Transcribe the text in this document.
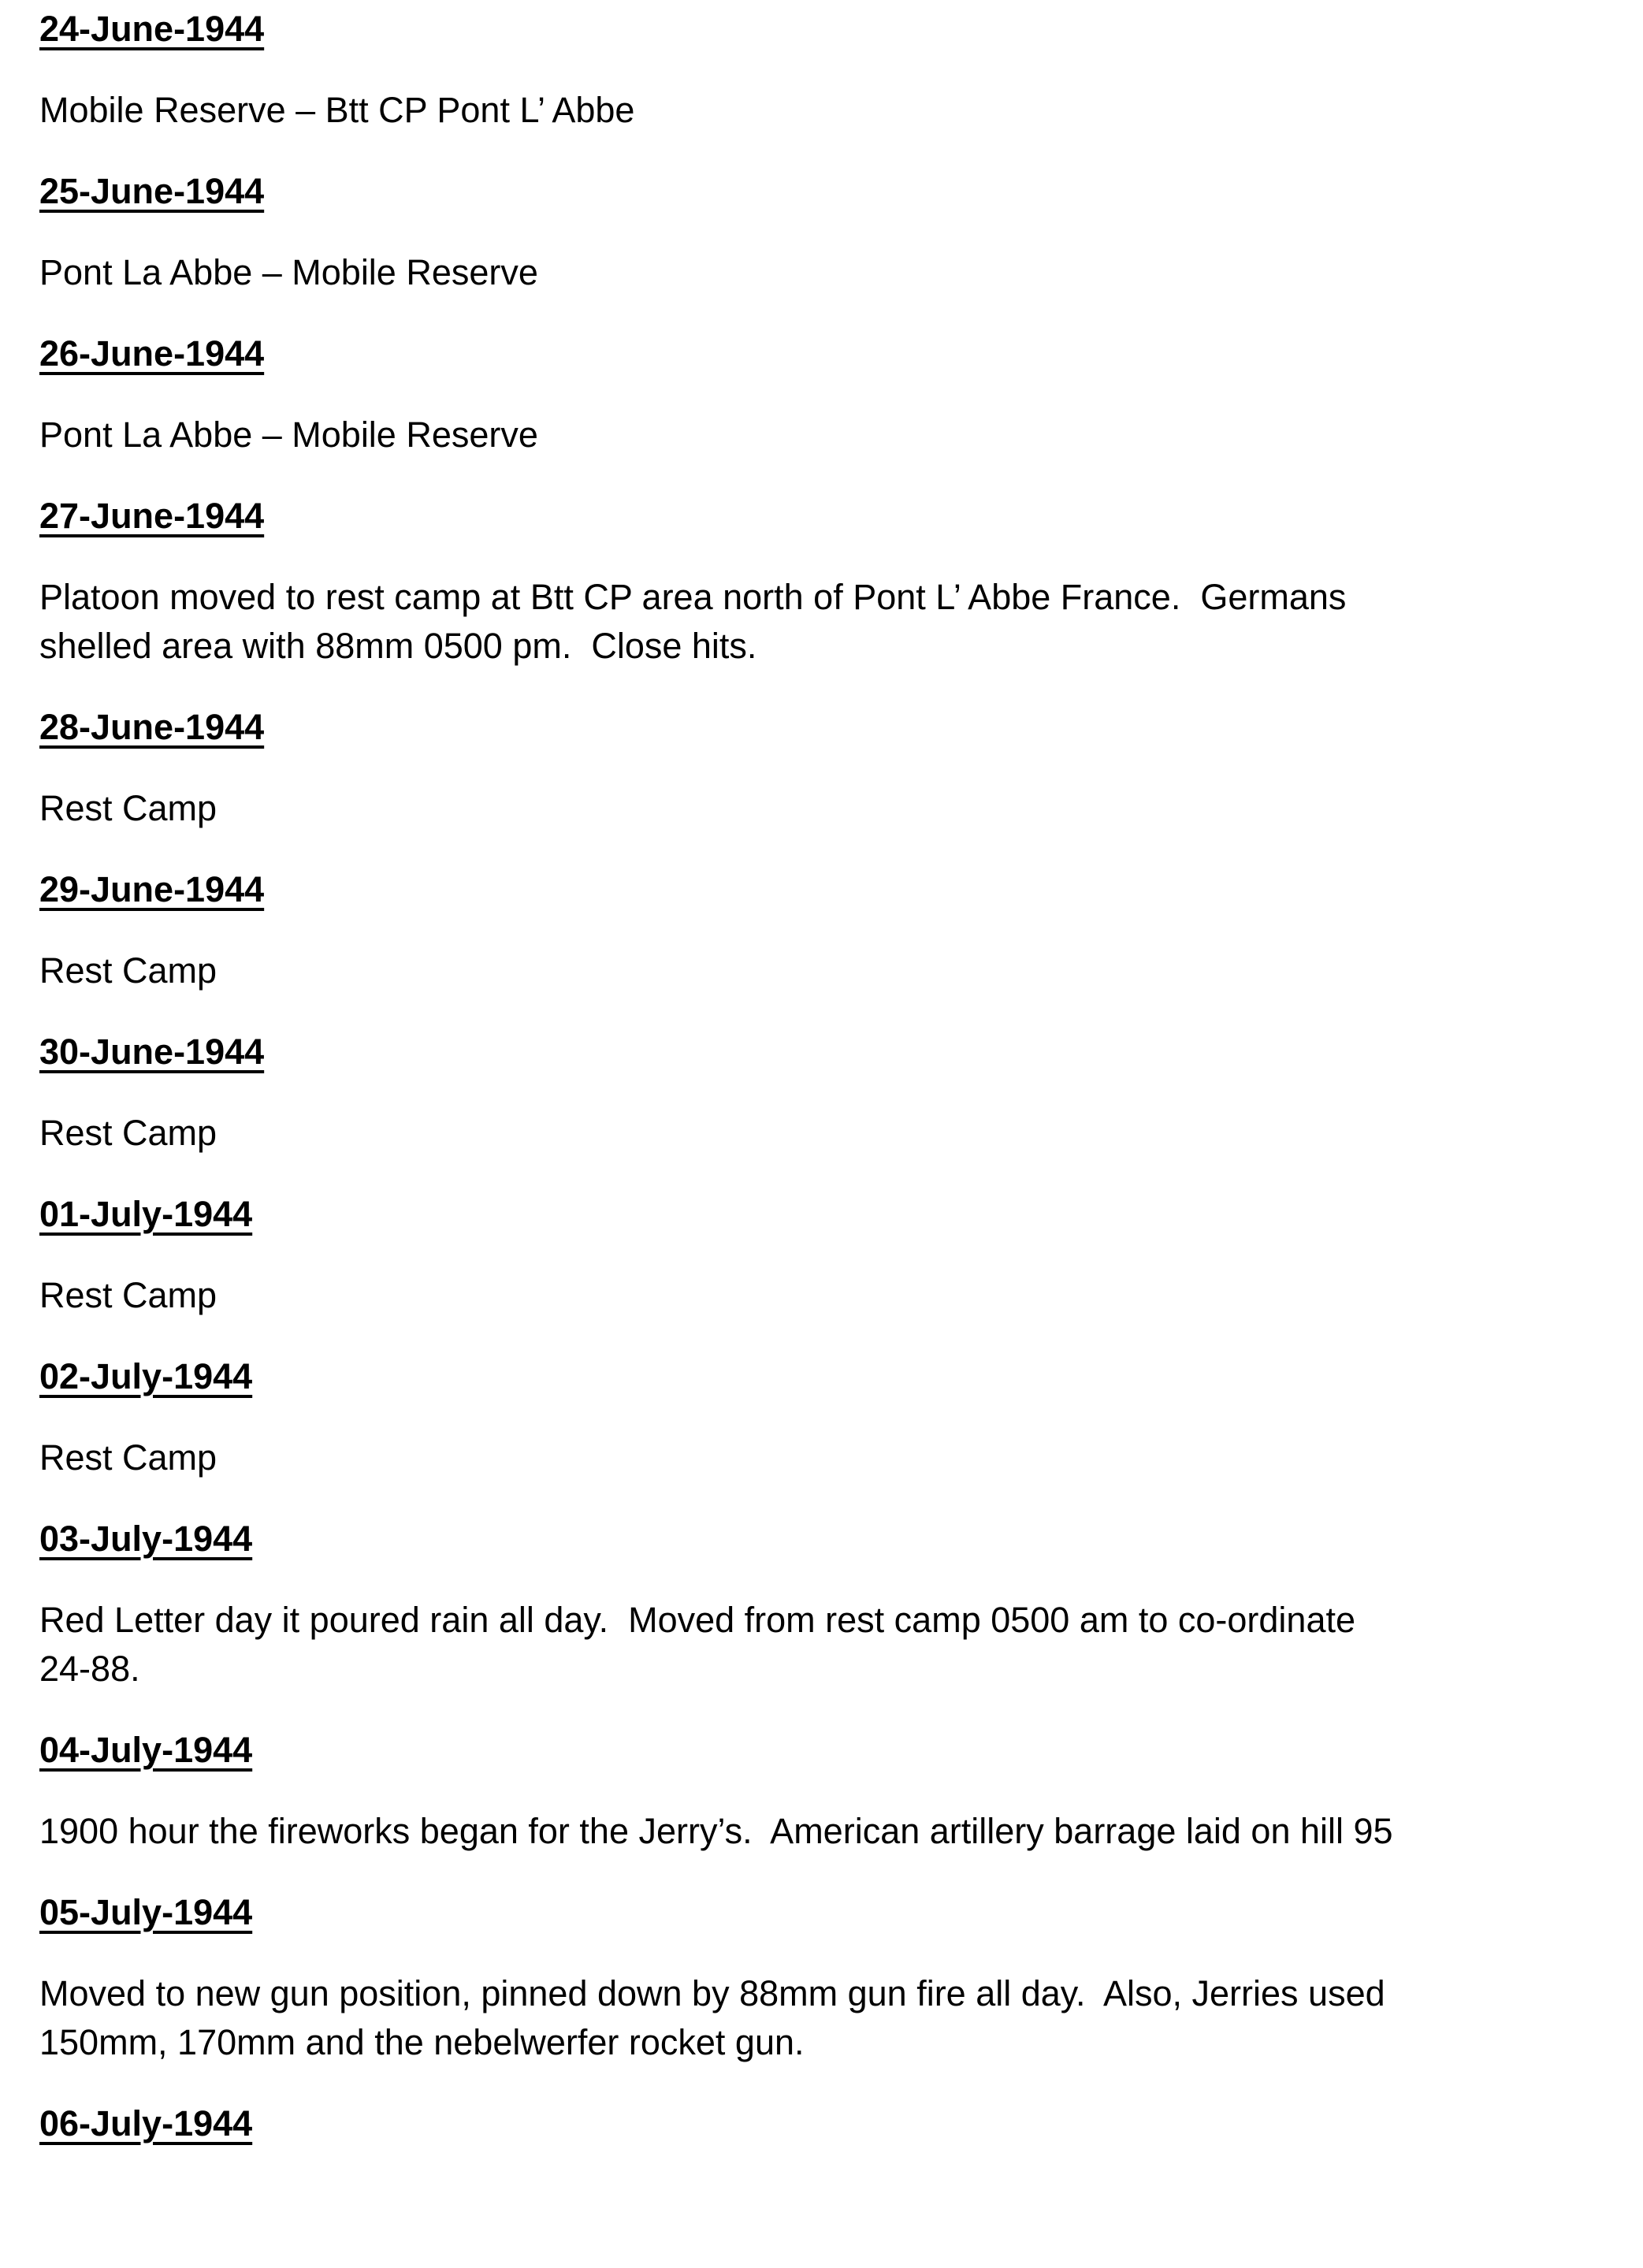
24-June-1944
Mobile Reserve – Btt CP Pont L’ Abbe
25-June-1944
Pont La Abbe – Mobile Reserve
26-June-1944
Pont La Abbe – Mobile Reserve
27-June-1944
Platoon moved to rest camp at Btt CP area north of Pont L’ Abbe France.  Germans shelled area with 88mm 0500 pm.  Close hits.
28-June-1944
Rest Camp
29-June-1944
Rest Camp
30-June-1944
Rest Camp
01-July-1944
Rest Camp
02-July-1944
Rest Camp
03-July-1944
Red Letter day it poured rain all day.  Moved from rest camp 0500 am to co-ordinate 24-88.
04-July-1944
1900 hour the fireworks began for the Jerry’s.  American artillery barrage laid on hill 95
05-July-1944
Moved to new gun position, pinned down by 88mm gun fire all day.  Also, Jerries used 150mm, 170mm and the nebelwerfer rocket gun.
06-July-1944
